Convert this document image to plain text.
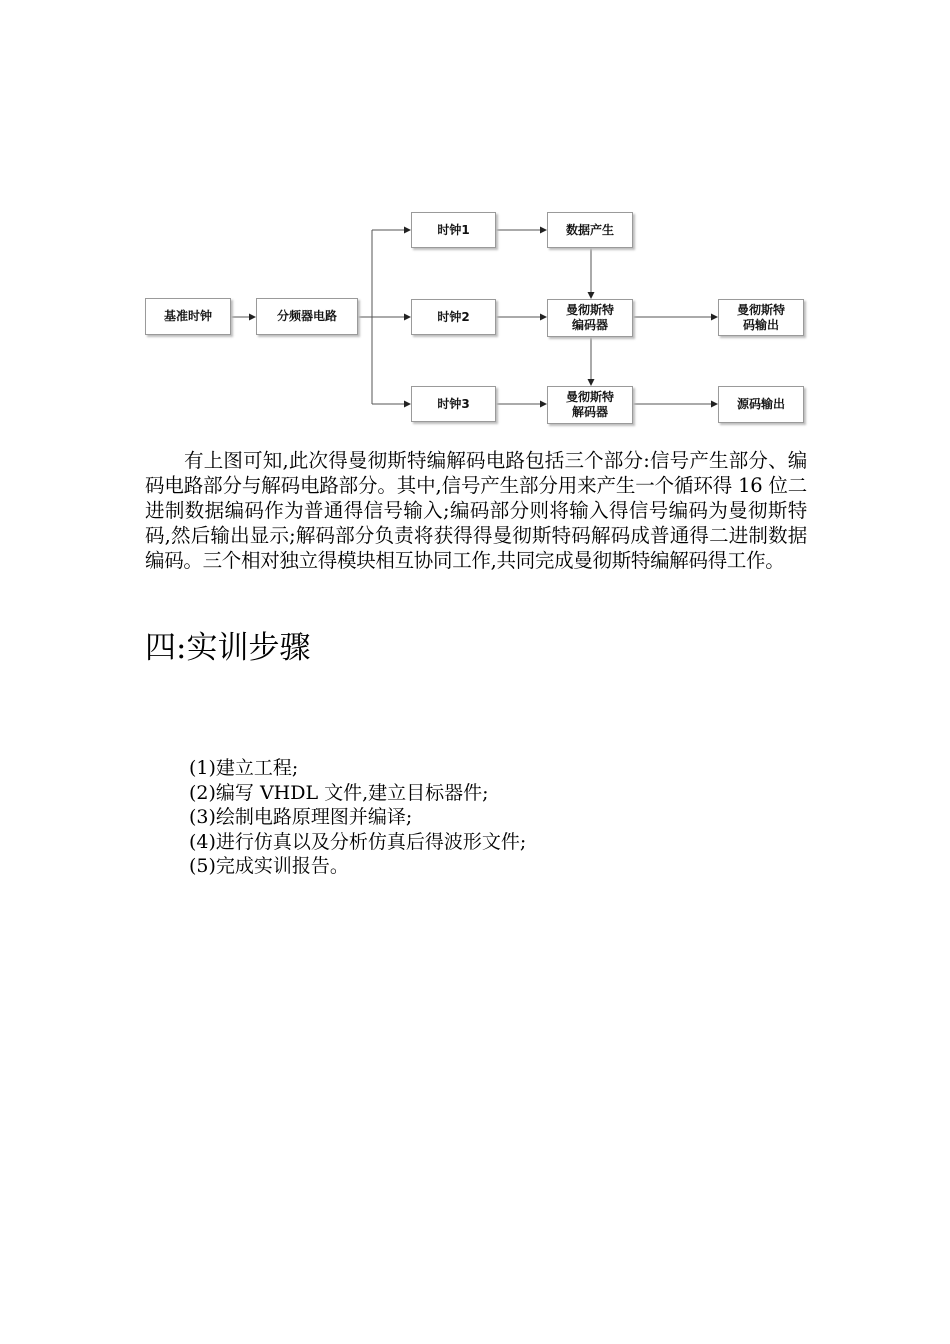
基准时钟	分频器电路
时钟1
时钟2
时钟3
数据产生
曼彻斯特
编码器
曼彻斯特
解码器
曼彻斯特
码输出
源码输出

有上图可知,此次得曼彻斯特编解码电路包括三个部分:信号产生部分、编码电路部分与解码电路部分。其中,信号产生部分用来产生一个循环得 16 位二进制数据编码作为普通得信号输入;编码部分则将输入得信号编码为曼彻斯特码,然后输出显示;解码部分负责将获得得曼彻斯特码解码成普通得二进制数据编码。三个相对独立得模块相互协同工作,共同完成曼彻斯特编解码得工作。

四:实训步骤
(1)建立工程;
(2)编写 VHDL 文件,建立目标器件;
(3)绘制电路原理图并编译;
(4)进行仿真以及分析仿真后得波形文件;
(5)完成实训报告。
